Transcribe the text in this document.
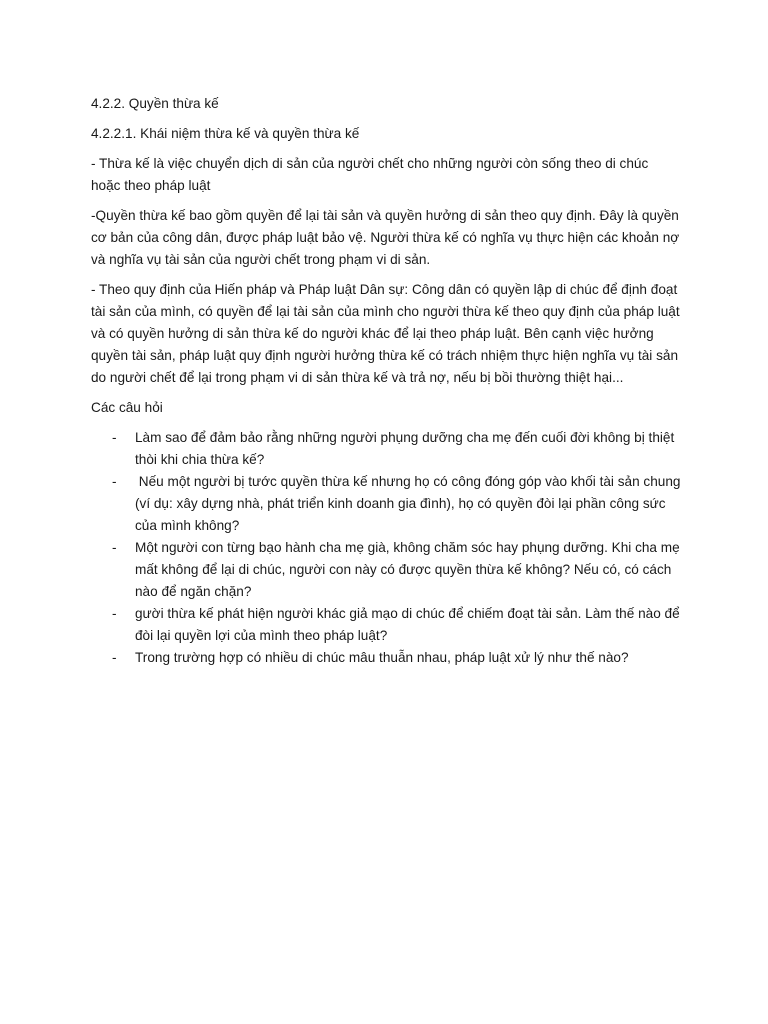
4.2.2. Quyền thừa kế

4.2.2.1. Khái niệm thừa kế và quyền thừa kế

- Thừa kế là việc chuyển dịch di sản của người chết cho những người còn sống theo di chúc hoặc theo pháp luật

-Quyền thừa kế bao gồm quyền để lại tài sản và quyền hưởng di sản theo quy định. Đây là quyền cơ bản của công dân, được pháp luật bảo vệ. Người thừa kế có nghĩa vụ thực hiện các khoản nợ và nghĩa vụ tài sản của người chết trong phạm vi di sản.

- Theo quy định của Hiến pháp và Pháp luật Dân sự: Công dân có quyền lập di chúc để định đoạt tài sản của mình, có quyền để lại tài sản của mình cho người thừa kế theo quy định của pháp luật và có quyền hưởng di sản thừa kế do người khác để lại theo pháp luật. Bên cạnh việc hưởng quyền tài sản, pháp luật quy định người hưởng thừa kế có trách nhiệm thực hiện nghĩa vụ tài sản do người chết để lại trong phạm vi di sản thừa kế và trả nợ, nếu bị bồi thường thiệt hại...

Các câu hỏi

- Làm sao để đảm bảo rằng những người phụng dưỡng cha mẹ đến cuối đời không bị thiệt thòi khi chia thừa kế?
- Nếu một người bị tước quyền thừa kế nhưng họ có công đóng góp vào khối tài sản chung (ví dụ: xây dựng nhà, phát triển kinh doanh gia đình), họ có quyền đòi lại phần công sức của mình không?
- Một người con từng bạo hành cha mẹ già, không chăm sóc hay phụng dưỡng. Khi cha mẹ mất không để lại di chúc, người con này có được quyền thừa kế không? Nếu có, có cách nào để ngăn chặn?
- gười thừa kế phát hiện người khác giả mạo di chúc để chiếm đoạt tài sản. Làm thế nào để đòi lại quyền lợi của mình theo pháp luật?
- Trong trường hợp có nhiều di chúc mâu thuẫn nhau, pháp luật xử lý như thế nào?
